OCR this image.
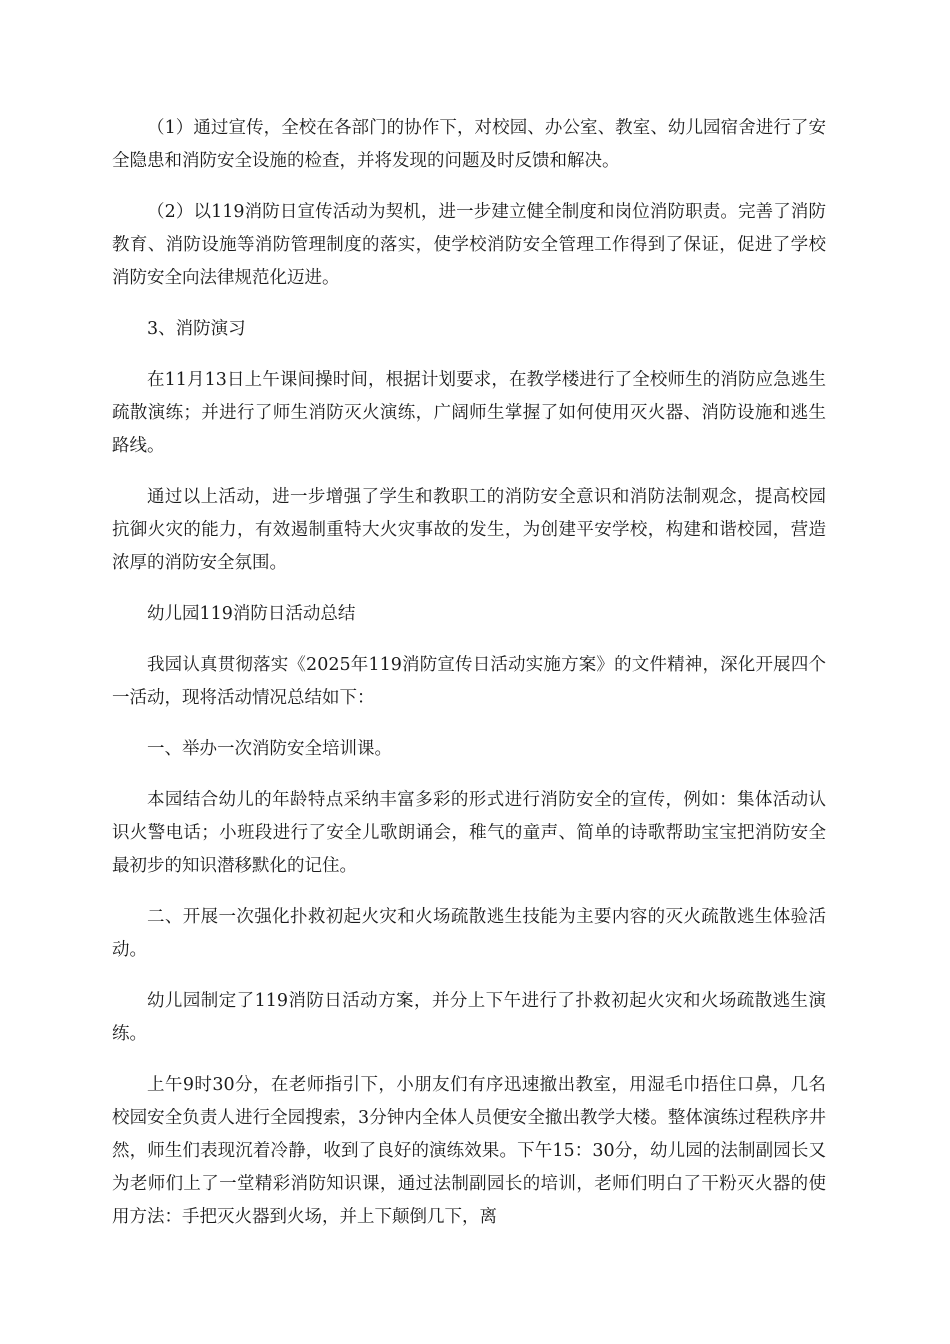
（1）通过宣传，全校在各部门的协作下，对校园、办公室、教室、幼儿园宿舍进行了安全隐患和消防安全设施的检查，并将发现的问题及时反馈和解决。

（2）以119消防日宣传活动为契机，进一步建立健全制度和岗位消防职责。完善了消防教育、消防设施等消防管理制度的落实，使学校消防安全管理工作得到了保证，促进了学校消防安全向法律规范化迈进。

3、消防演习

在11月13日上午课间操时间，根据计划要求，在教学楼进行了全校师生的消防应急逃生疏散演练；并进行了师生消防灭火演练，广阔师生掌握了如何使用灭火器、消防设施和逃生路线。

通过以上活动，进一步增强了学生和教职工的消防安全意识和消防法制观念，提高校园抗御火灾的能力，有效遏制重特大火灾事故的发生，为创建平安学校，构建和谐校园，营造浓厚的消防安全氛围。

幼儿园119消防日活动总结

我园认真贯彻落实《2025年119消防宣传日活动实施方案》的文件精神，深化开展四个一活动，现将活动情况总结如下：

一、举办一次消防安全培训课。

本园结合幼儿的年龄特点采纳丰富多彩的形式进行消防安全的宣传，例如：集体活动认识火警电话；小班段进行了安全儿歌朗诵会，稚气的童声、简单的诗歌帮助宝宝把消防安全最初步的知识潜移默化的记住。

二、开展一次强化扑救初起火灾和火场疏散逃生技能为主要内容的灭火疏散逃生体验活动。

幼儿园制定了119消防日活动方案，并分上下午进行了扑救初起火灾和火场疏散逃生演练。

上午9时30分，在老师指引下，小朋友们有序迅速撤出教室，用湿毛巾捂住口鼻，几名校园安全负责人进行全园搜索，3分钟内全体人员便安全撤出教学大楼。整体演练过程秩序井然，师生们表现沉着冷静，收到了良好的演练效果。下午15：30分，幼儿园的法制副园长又为老师们上了一堂精彩消防知识课，通过法制副园长的培训，老师们明白了干粉灭火器的使用方法：手把灭火器到火场，并上下颠倒几下，离
